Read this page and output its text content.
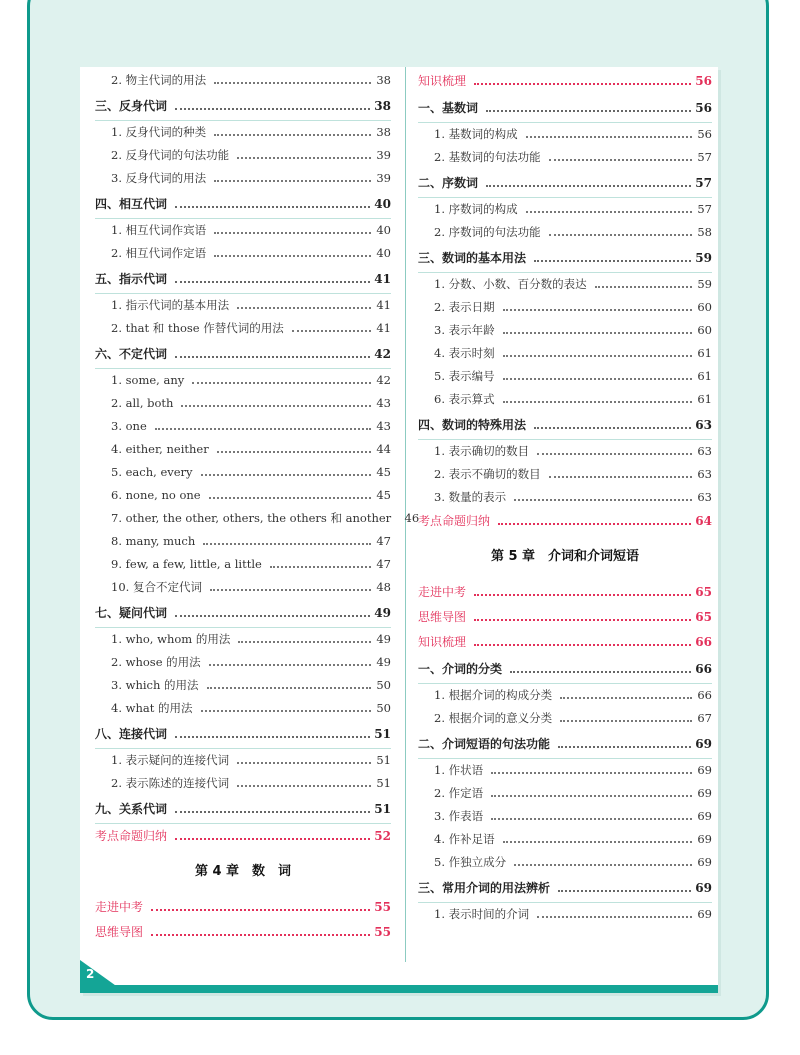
2. 物主代词的用法	38
三、反身代词	38
1. 反身代词的种类	38
2. 反身代词的句法功能	39
3. 反身代词的用法	39
四、相互代词	40
1. 相互代词作宾语	40
2. 相互代词作定语	40
五、指示代词	41
1. 指示代词的基本用法	41
2. that 和 those 作替代词的用法	41
六、不定代词	42
1. some, any	42
2. all, both	43
3. one	43
4. either, neither	44
5. each, every	45
6. none, no one	45
7. other, the other, others, the others 和 another 46
8. many, much	47
9. few, a few, little, a little	47
10. 复合不定代词	48
七、疑问代词	49
1. who, whom 的用法	49
2. whose 的用法	49
3. which 的用法	50
4. what 的用法	50
八、连接代词	51
1. 表示疑问的连接代词	51
2. 表示陈述的连接代词	51
九、关系代词	51
考点命题归纳	52
第 4 章　数　词
走进中考	55
思维导图	55
知识梳理	56
一、基数词	56
1. 基数词的构成	56
2. 基数词的句法功能	57
二、序数词	57
1. 序数词的构成	57
2. 序数词的句法功能	58
三、数词的基本用法	59
1. 分数、小数、百分数的表达	59
2. 表示日期	60
3. 表示年龄	60
4. 表示时刻	61
5. 表示编号	61
6. 表示算式	61
四、数词的特殊用法	63
1. 表示确切的数目	63
2. 表示不确切的数目	63
3. 数量的表示	63
考点命题归纳	64
第 5 章　介词和介词短语
走进中考	65
思维导图	65
知识梳理	66
一、介词的分类	66
1. 根据介词的构成分类	66
2. 根据介词的意义分类	67
二、介词短语的句法功能	69
1. 作状语	69
2. 作定语	69
3. 作表语	69
4. 作补足语	69
5. 作独立成分	69
三、常用介词的用法辨析	69
1. 表示时间的介词	69
2
